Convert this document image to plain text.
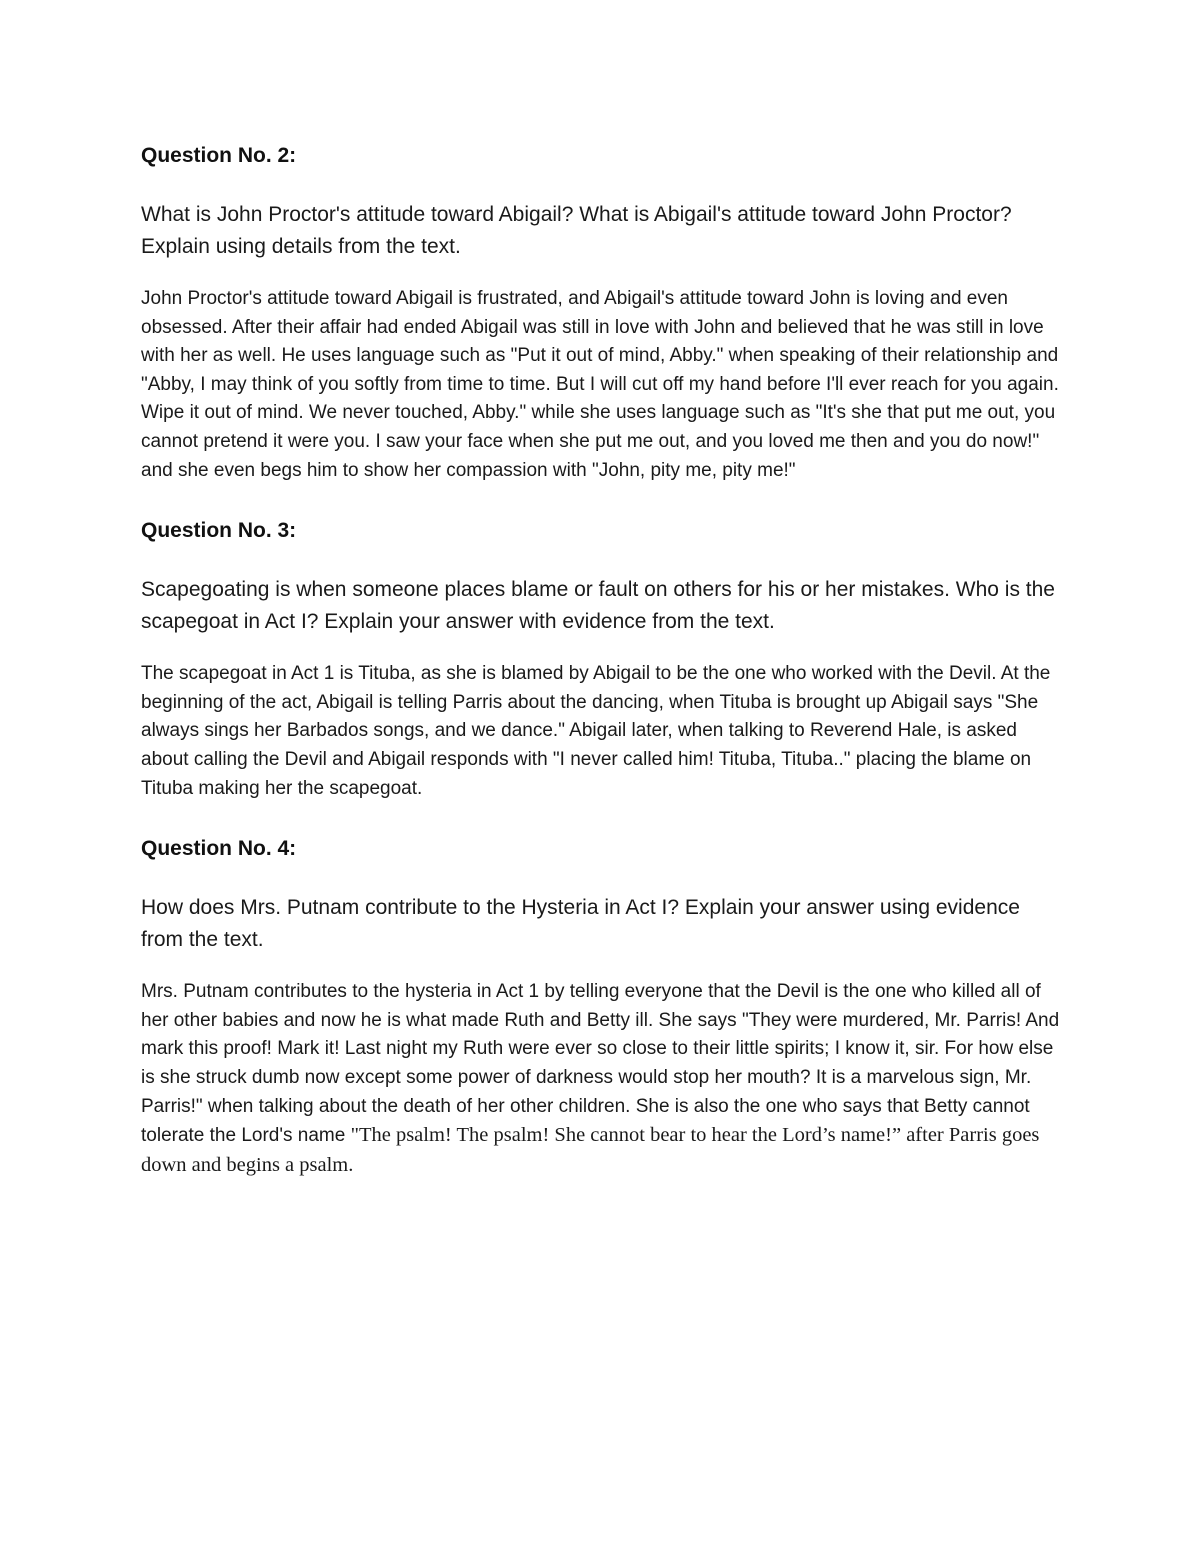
Question No. 2:

What is John Proctor's attitude toward Abigail? What is Abigail's attitude toward John Proctor? Explain using details from the text.

John Proctor's attitude toward Abigail is frustrated, and Abigail's attitude toward John is loving and even obsessed. After their affair had ended Abigail was still in love with John and believed that he was still in love with her as well. He uses language such as "Put it out of mind, Abby." when speaking of their relationship and "Abby, I may think of you softly from time to time. But I will cut off my hand before I'll ever reach for you again. Wipe it out of mind. We never touched, Abby." while she uses language such as "It's she that put me out, you cannot pretend it were you. I saw your face when she put me out, and you loved me then and you do now!" and she even begs him to show her compassion with "John, pity me, pity me!"

Question No. 3:

Scapegoating is when someone places blame or fault on others for his or her mistakes. Who is the scapegoat in Act I? Explain your answer with evidence from the text.

The scapegoat in Act 1 is Tituba, as she is blamed by Abigail to be the one who worked with the Devil. At the beginning of the act, Abigail is telling Parris about the dancing, when Tituba is brought up Abigail says "She always sings her Barbados songs, and we dance." Abigail later, when talking to Reverend Hale, is asked about calling the Devil and Abigail responds with "I never called him! Tituba, Tituba.." placing the blame on Tituba making her the scapegoat.

Question No. 4:

How does Mrs. Putnam contribute to the Hysteria in Act I? Explain your answer using evidence from the text.

Mrs. Putnam contributes to the hysteria in Act 1 by telling everyone that the Devil is the one who killed all of her other babies and now he is what made Ruth and Betty ill. She says "They were murdered, Mr. Parris! And mark this proof! Mark it! Last night my Ruth were ever so close to their little spirits; I know it, sir. For how else is she struck dumb now except some power of darkness would stop her mouth? It is a marvelous sign, Mr. Parris!" when talking about the death of her other children. She is also the one who says that Betty cannot tolerate the Lord's name "The psalm! The psalm! She cannot bear to hear the Lord’s name!” after Parris goes down and begins a psalm.
